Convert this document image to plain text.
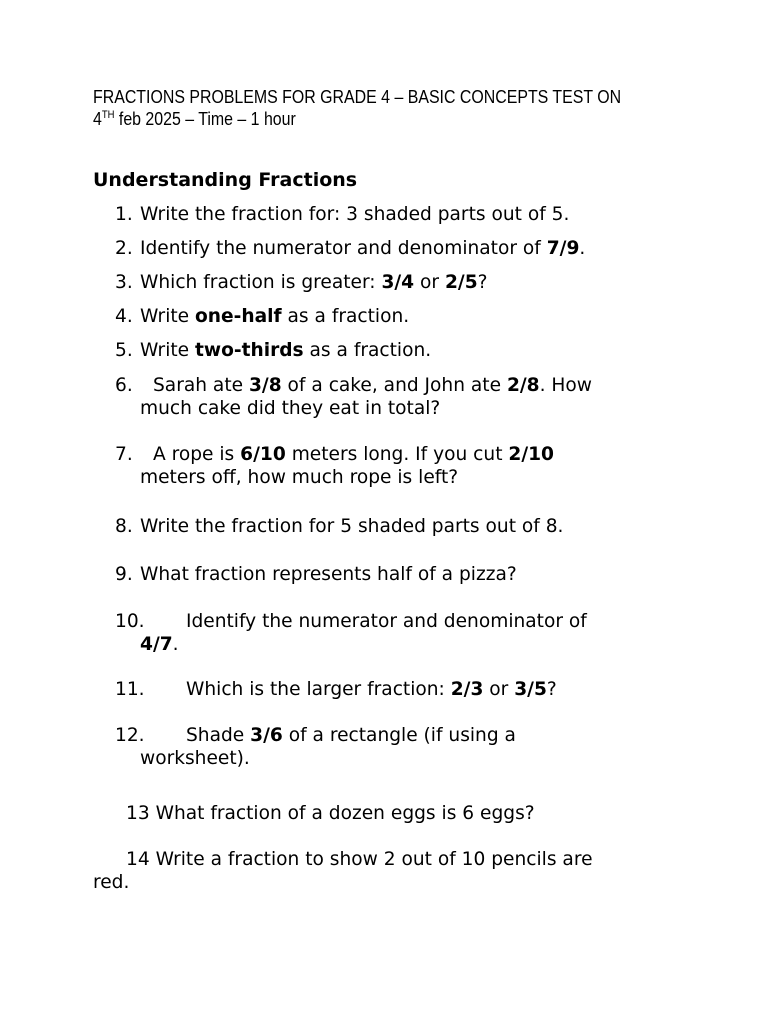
FRACTIONS PROBLEMS FOR GRADE 4 – BASIC CONCEPTS TEST ON
4TH feb 2025 – Time – 1 hour
Understanding Fractions
1. Write the fraction for: 3 shaded parts out of 5.
2. Identify the numerator and denominator of 7/9.
3. Which fraction is greater: 3/4 or 2/5?
4. Write one-half as a fraction.
5. Write two-thirds as a fraction.
6. Sarah ate 3/8 of a cake, and John ate 2/8. How
much cake did they eat in total?
7. A rope is 6/10 meters long. If you cut 2/10
meters off, how much rope is left?
8. Write the fraction for 5 shaded parts out of 8.
9. What fraction represents half of a pizza?
10. Identify the numerator and denominator of
4/7.
11. Which is the larger fraction: 2/3 or 3/5?
12. Shade 3/6 of a rectangle (if using a
worksheet).
13 What fraction of a dozen eggs is 6 eggs?
14 Write a fraction to show 2 out of 10 pencils are
red.
